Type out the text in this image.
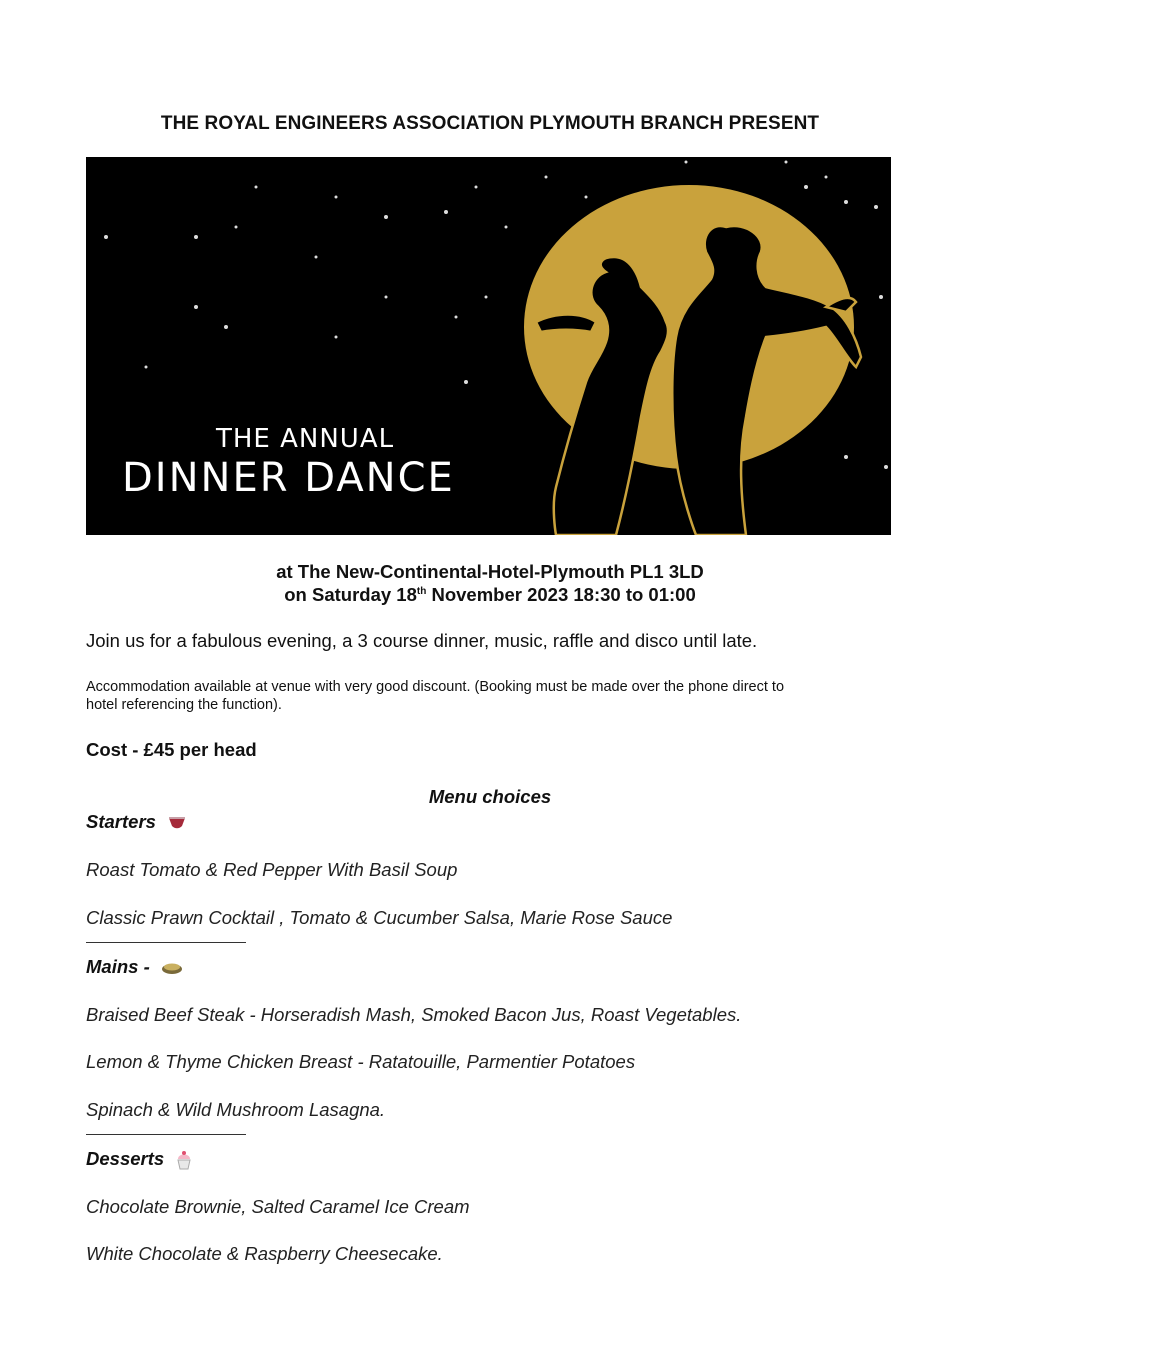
THE ROYAL ENGINEERS ASSOCIATION PLYMOUTH BRANCH PRESENT
THE ANNUAL
DINNER DANCE
at The New-Continental-Hotel-Plymouth PL1 3LD
on Saturday 18th November 2023 18:30 to 01:00
Join us for a fabulous evening, a 3 course dinner, music, raffle and disco until late.
Accommodation available at venue with very good discount. (Booking must be made over the phone direct to
hotel referencing the function).
Cost - £45 per head
Menu choices
Starters
Roast Tomato & Red Pepper With Basil Soup
Classic Prawn Cocktail , Tomato & Cucumber Salsa, Marie Rose Sauce
Mains -
Braised Beef Steak - Horseradish Mash, Smoked Bacon Jus, Roast Vegetables.
Lemon & Thyme Chicken Breast - Ratatouille, Parmentier Potatoes
Spinach & Wild Mushroom Lasagna.
Desserts
Chocolate Brownie, Salted Caramel Ice Cream
White Chocolate & Raspberry Cheesecake.
